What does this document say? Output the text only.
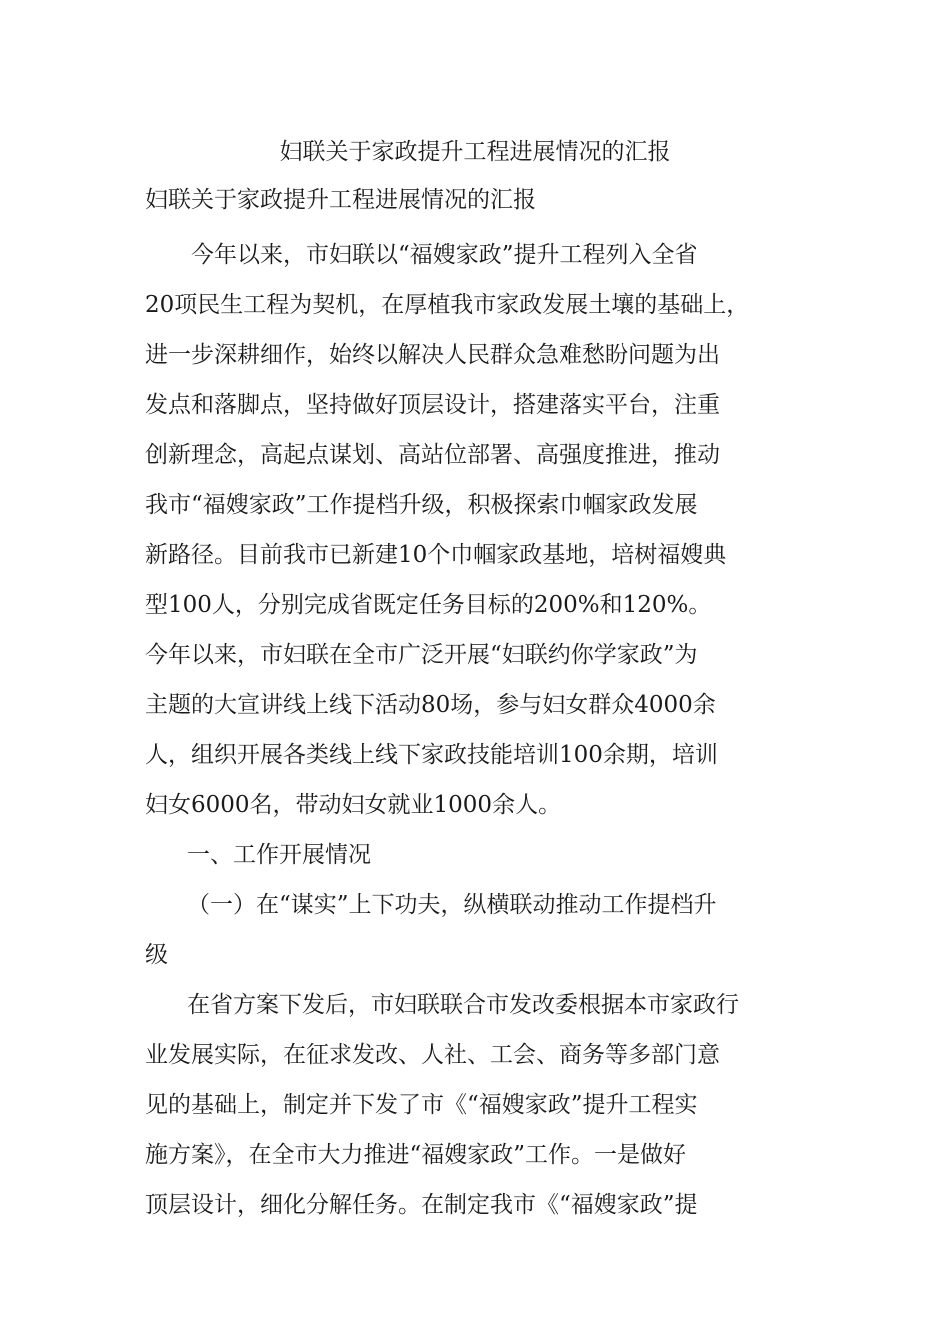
妇联关于家政提升工程进展情况的汇报

妇联关于家政提升工程进展情况的汇报

今年以来，市妇联以“福嫂家政”提升工程列入全省
20项民生工程为契机，在厚植我市家政发展土壤的基础上，
进一步深耕细作，始终以解决人民群众急难愁盼问题为出
发点和落脚点，坚持做好顶层设计，搭建落实平台，注重
创新理念，高起点谋划、高站位部署、高强度推进，推动
我市“福嫂家政”工作提档升级，积极探索巾帼家政发展
新路径。目前我市已新建10个巾帼家政基地，培树福嫂典
型100人，分别完成省既定任务目标的200%和120%。
今年以来，市妇联在全市广泛开展“妇联约你学家政”为
主题的大宣讲线上线下活动80场，参与妇女群众4000余
人，组织开展各类线上线下家政技能培训100余期，培训
妇女6000名，带动妇女就业1000余人。
一、工作开展情况
（一）在“谋实”上下功夫，纵横联动推动工作提档升
级
在省方案下发后，市妇联联合市发改委根据本市家政行
业发展实际，在征求发改、人社、工会、商务等多部门意
见的基础上，制定并下发了市《“福嫂家政”提升工程实
施方案》，在全市大力推进“福嫂家政”工作。一是做好
顶层设计，细化分解任务。在制定我市《“福嫂家政”提
